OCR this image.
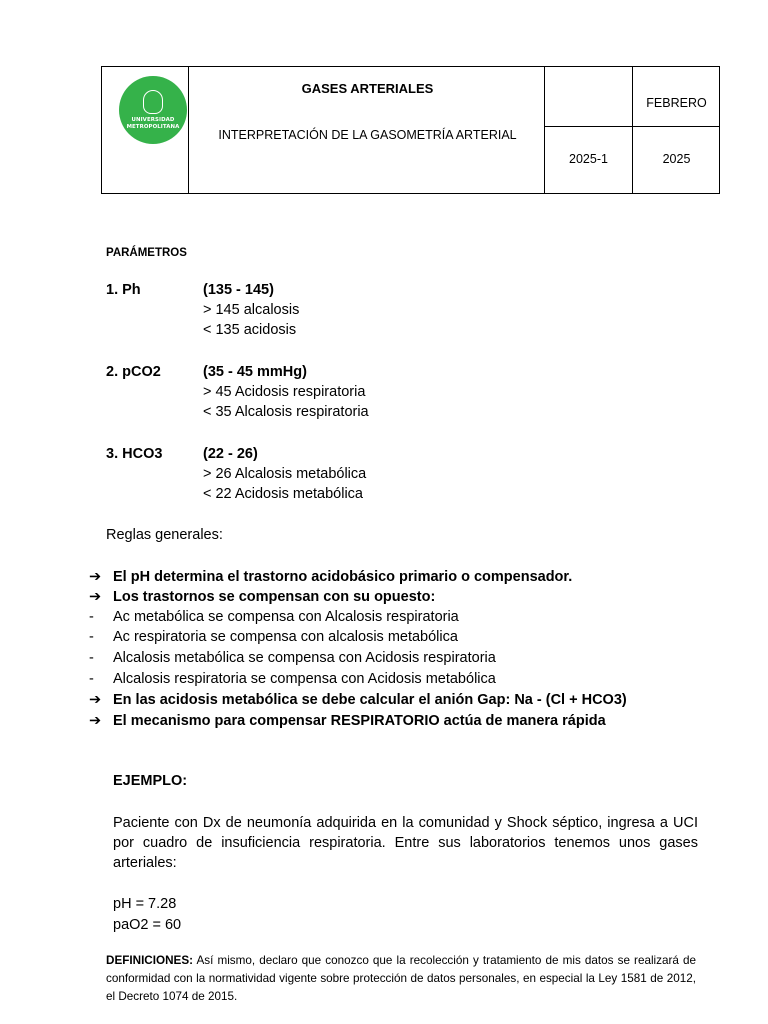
UNIVERSIDAD METROPOLITANA
GASES ARTERIALES
INTERPRETACIÓN DE LA GASOMETRÍA ARTERIAL
FEBRERO
2025-1	2025
PARÁMETROS
1. Ph	(135 - 145)
> 145 alcalosis
< 135 acidosis
2. pCO2	(35 - 45 mmHg)
> 45 Acidosis respiratoria
< 35 Alcalosis respiratoria
3. HCO3	(22 - 26)
> 26 Alcalosis metabólica
< 22 Acidosis metabólica
Reglas generales:
➔ El pH determina el trastorno acidobásico primario o compensador.
➔ Los trastornos se compensan con su opuesto:
- Ac metabólica se compensa con Alcalosis respiratoria
- Ac respiratoria se compensa con alcalosis metabólica
- Alcalosis metabólica se compensa con Acidosis respiratoria
- Alcalosis respiratoria se compensa con Acidosis metabólica
➔ En las acidosis metabólica se debe calcular el anión Gap: Na - (Cl + HCO3)
➔ El mecanismo para compensar RESPIRATORIO actúa de manera rápida
EJEMPLO:
Paciente con Dx de neumonía adquirida en la comunidad y Shock séptico, ingresa a UCI por cuadro de insuficiencia respiratoria. Entre sus laboratorios tenemos unos gases arteriales:
pH = 7.28
paO2 = 60
DEFINICIONES: Así mismo, declaro que conozco que la recolección y tratamiento de mis datos se realizará de conformidad con la normatividad vigente sobre protección de datos personales, en especial la Ley 1581 de 2012, el Decreto 1074 de 2015.
